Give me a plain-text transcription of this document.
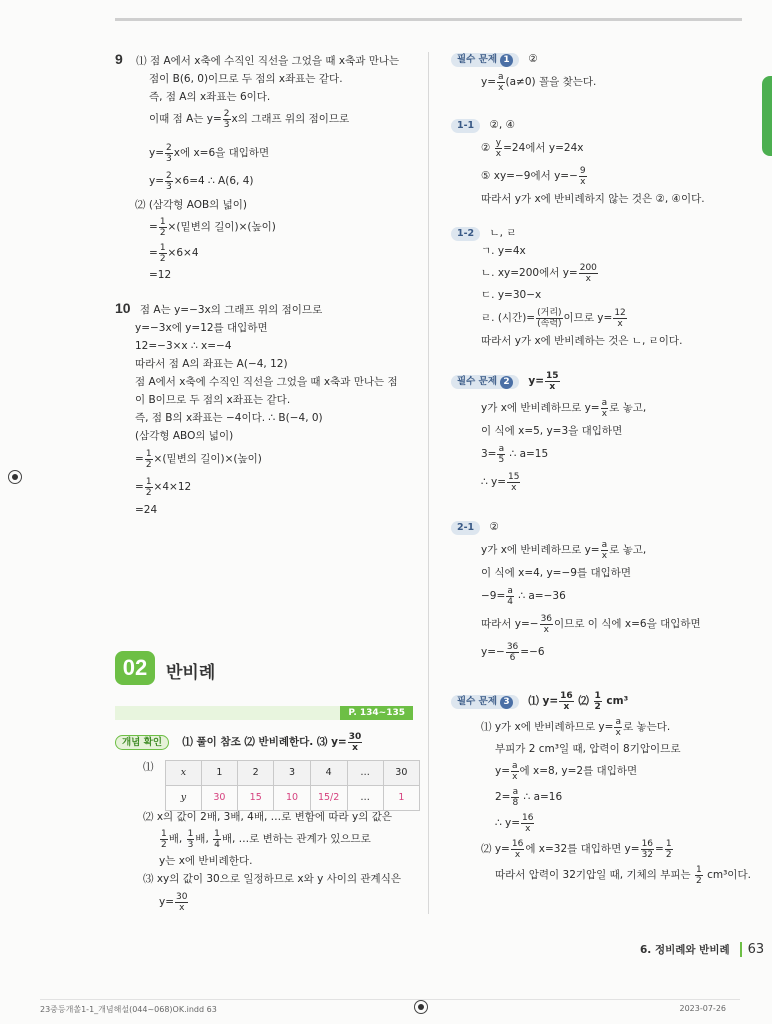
9 ⑴ 점 A에서 x축에 수직인 직선을 그었을 때 x축과 만나는
점이 B(6, 0)이므로 두 점의 x좌표는 같다.
즉, 점 A의 x좌표는 6이다.
이때 점 A는 $y= \frac{2}{3}$ x의 그래프 위의 점이므로
$y= \frac{2}{3}$ x에 x=6을 대입하면
$y= \frac{2}{3} \times 6=4$ ∴ A(6, 4)
⑵ (삼각형 AOB의 넓이)
= $\frac{1}{2}$ ×(밑변의 길이)×(높이)
= $\frac{1}{2} \times 6\times 4$
=12
10 점 A는 y=−3x의 그래프 위의 점이므로
y=−3x에 y=12를 대입하면
12=−3×x ∴ x=−4
따라서 점 A의 좌표는 A(−4, 12)
점 A에서 x축에 수직인 직선을 그었을 때 x축과 만나는 점
이 B이므로 두 점의 x좌표는 같다.
즉, 점 B의 x좌표는 −4이다. ∴ B(−4, 0)
(삼각형 ABO의 넓이)
= $\frac{1}{2}$ ×(밑변의 길이)×(높이)
= $\frac{1}{2} \times 4\times 12$
=24
02	반비례
P. 134~135
개념 확인 ⑴ 풀이 참조 ⑵ 반비례한다. ⑶ $y= \frac{30}{x}$
⑴	x	1	2	3	4	…	30
y	30	15	10	15/2	…	1
⑵ x의 값이 2배, 3배, 4배, …로 변함에 따라 y의 값은
$\frac{1}{2}$ 배, $\frac{1}{3}$ 배, $\frac{1}{4}$ 배, …로 변하는 관계가 있으므로
y는 x에 반비례한다.
⑶ xy의 값이 30으로 일정하므로 x와 y 사이의 관계식은
$y= \frac{30}{x}$
필수 문제 1 ②
$y= \frac{a}{x} (a\ne 0)$ 꼴을 찾는다.
1-1 ②, ④
② $\frac{y}{x} =24$에서 y=24x
⑤ xy=−9에서 $y=- \frac{9}{x}$
따라서 y가 x에 반비례하지 않는 것은 ②, ④이다.
1-2 ㄴ, ㄹ
ㄱ. y=4x
ㄴ. xy=200에서 $y= \frac{200}{x}$
ㄷ. y=30−x
ㄹ. (시간)= $\frac{\text{(거리)}}{\text{(속력)}}$ 이므로 $y= \frac{12}{x}$
따라서 y가 x에 반비례하는 것은 ㄴ, ㄹ이다.
필수 문제 2 $y= \frac{15}{x}$
y가 x에 반비례하므로 $y= \frac{a}{x}$ 로 놓고,
이 식에 x=5, y=3을 대입하면
$3= \frac{a}{5}$ ∴ a=15
∴ $y= \frac{15}{x}$
2-1 ②
y가 x에 반비례하므로 $y= \frac{a}{x}$ 로 놓고,
이 식에 x=4, y=−9를 대입하면
$-9= \frac{a}{4}$ ∴ a=−36
따라서 $y=- \frac{36}{x}$ 이므로 이 식에 x=6을 대입하면
$y=- \frac{36}{6} =-6$
필수 문제 3 ⑴ $y= \frac{16}{x}$ ⑵ $\frac{1}{2} cm^3$
⑴ y가 x에 반비례하므로 $y= \frac{a}{x}$ 로 놓는다.
부피가 2 cm³일 때, 압력이 8기압이므로
$y= \frac{a}{x}$ 에 x=8, y=2를 대입하면
$2= \frac{a}{8}$ ∴ a=16
∴ $y= \frac{16}{x}$
⑵ $y= \frac{16}{x}$ 에 x=32를 대입하면 $y= \frac{16}{32} = \frac{1}{2}$
따라서 압력이 32기압일 때, 기체의 부피는 $\frac{1}{2} cm^3$이다.
6. 정비례와 반비례 63
23중등개쏠1-1_개념해설(044~068)OK.indd 63	2023-07-26
